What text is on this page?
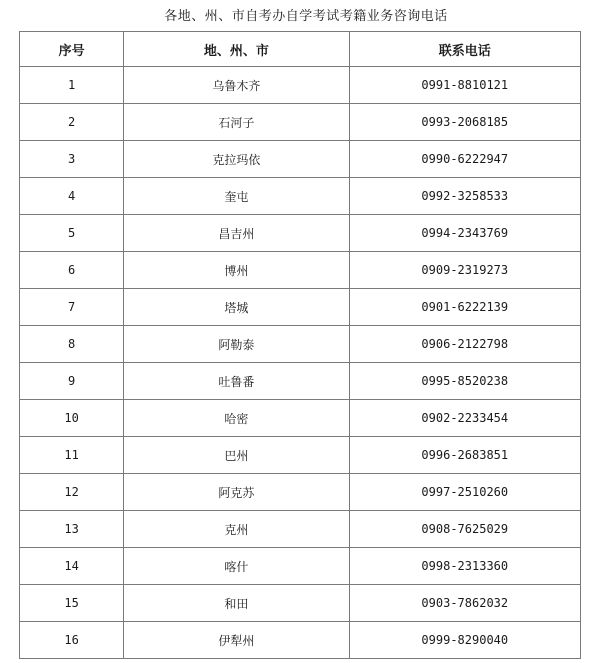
各地、州、市自考办自学考试考籍业务咨询电话
序号	地、州、市	联系电话
1	乌鲁木齐	0991-8810121
2	石河子	0993-2068185
3	克拉玛依	0990-6222947
4	奎屯	0992-3258533
5	昌吉州	0994-2343769
6	博州	0909-2319273
7	塔城	0901-6222139
8	阿勒泰	0906-2122798
9	吐鲁番	0995-8520238
10	哈密	0902-2233454
11	巴州	0996-2683851
12	阿克苏	0997-2510260
13	克州	0908-7625029
14	喀什	0998-2313360
15	和田	0903-7862032
16	伊犁州	0999-8290040
